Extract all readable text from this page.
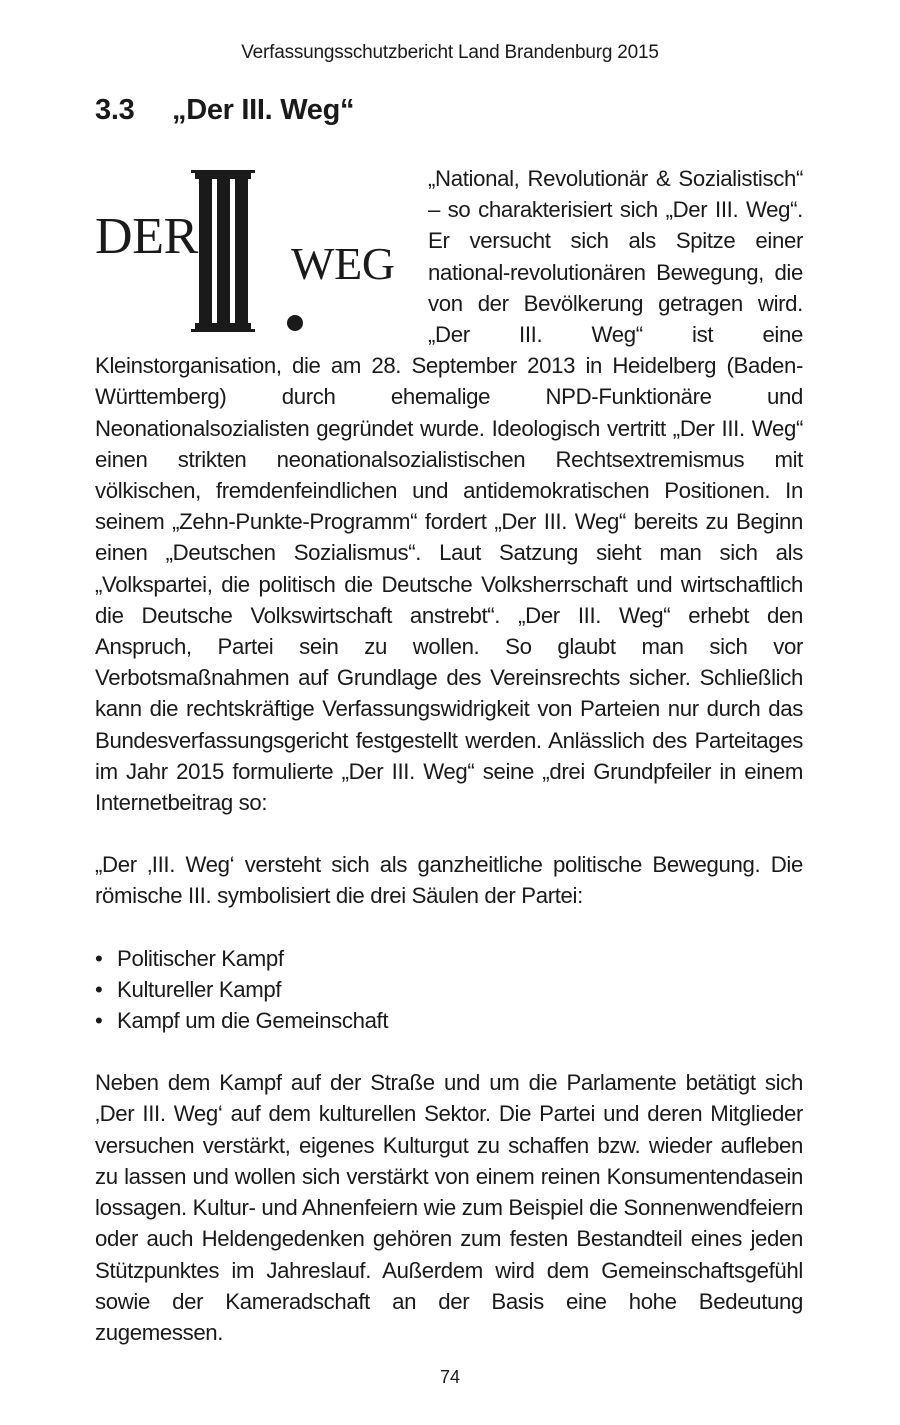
Verfassungsschutzbericht Land Brandenburg 2015
3.3 „Der III. Weg“
DER WEG

„National, Revolutionär & Sozialistisch“ – so charakterisiert sich „Der III. Weg“. Er versucht sich als Spitze einer national-revolutionären Bewegung, die von der Bevölkerung getragen wird. „Der III. Weg“ ist eine Kleinstorganisation, die am 28. September 2013 in Heidelberg (Baden-Württemberg) durch ehemalige NPD-Funktionäre und Neonationalsozialisten gegründet wurde. Ideologisch vertritt „Der III. Weg“ einen strikten neonationalsozialistischen Rechtsextremismus mit völkischen, fremdenfeindlichen und antidemokratischen Positionen. In seinem „Zehn-Punkte-Programm“ fordert „Der III. Weg“ bereits zu Beginn einen „Deutschen Sozialismus“. Laut Satzung sieht man sich als „Volkspartei, die politisch die Deutsche Volksherrschaft und wirtschaftlich die Deutsche Volkswirtschaft anstrebt“. „Der III. Weg“ erhebt den Anspruch, Partei sein zu wollen. So glaubt man sich vor Verbotsmaßnahmen auf Grundlage des Vereinsrechts sicher. Schließlich kann die rechtskräftige Verfassungswidrigkeit von Parteien nur durch das Bundesverfassungsgericht festgestellt werden. Anlässlich des Parteitages im Jahr 2015 formulierte „Der III. Weg“ seine „drei Grundpfeiler in einem Internetbeitrag so:

„Der ‚III. Weg‘ versteht sich als ganzheitliche politische Bewegung. Die römische III. symbolisiert die drei Säulen der Partei:

• Politischer Kampf
• Kultureller Kampf
• Kampf um die Gemeinschaft

Neben dem Kampf auf der Straße und um die Parlamente betätigt sich ‚Der III. Weg‘ auf dem kulturellen Sektor. Die Partei und deren Mitglieder versuchen verstärkt, eigenes Kulturgut zu schaffen bzw. wieder aufleben zu lassen und wollen sich verstärkt von einem reinen Konsumentendasein lossagen. Kultur- und Ahnenfeiern wie zum Beispiel die Sonnenwendfeiern oder auch Heldengedenken gehören zum festen Bestandteil eines jeden Stützpunktes im Jahreslauf. Außerdem wird dem Gemeinschaftsgefühl sowie der Kameradschaft an der Basis eine hohe Bedeutung zugemessen.

74
